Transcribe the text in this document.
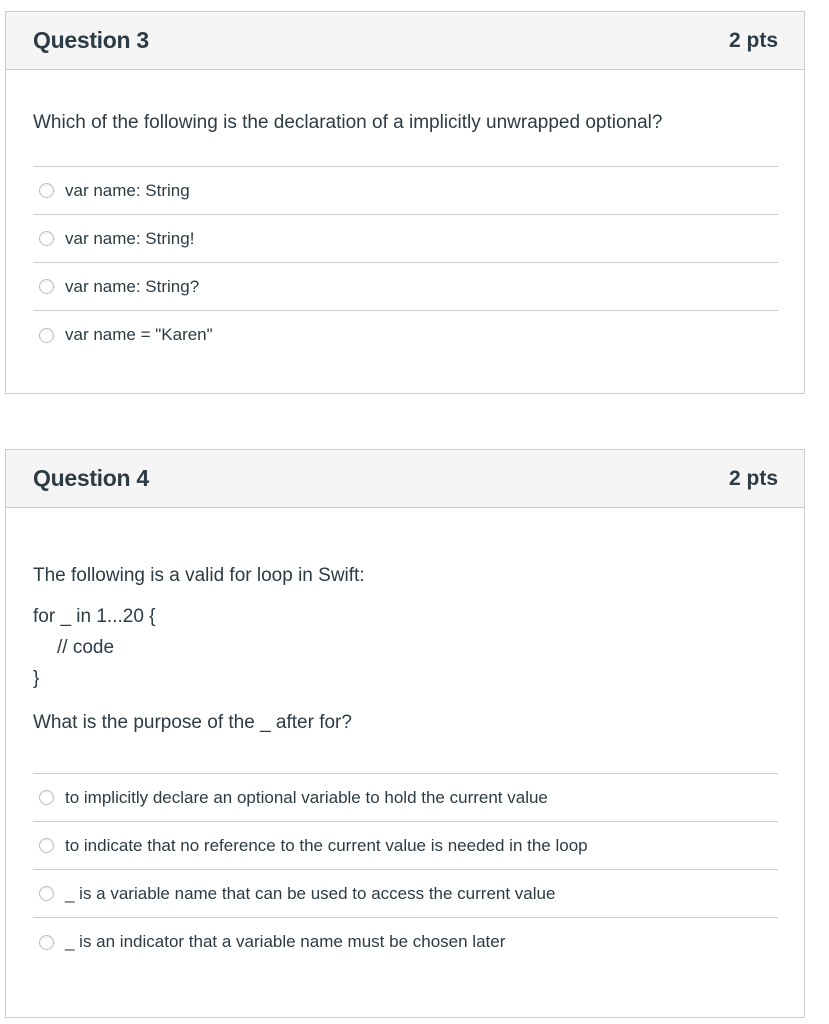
Question 3	2 pts

Which of the following is the declaration of a implicitly unwrapped optional?

var name: String
var name: String!
var name: String?
var name = "Karen"
Question 4	2 pts

The following is a valid for loop in Swift:

for _ in 1...20 {
// code
}

What is the purpose of the _ after for?

to implicitly declare an optional variable to hold the current value
to indicate that no reference to the current value is needed in the loop
_ is a variable name that can be used to access the current value
_ is an indicator that a variable name must be chosen later
